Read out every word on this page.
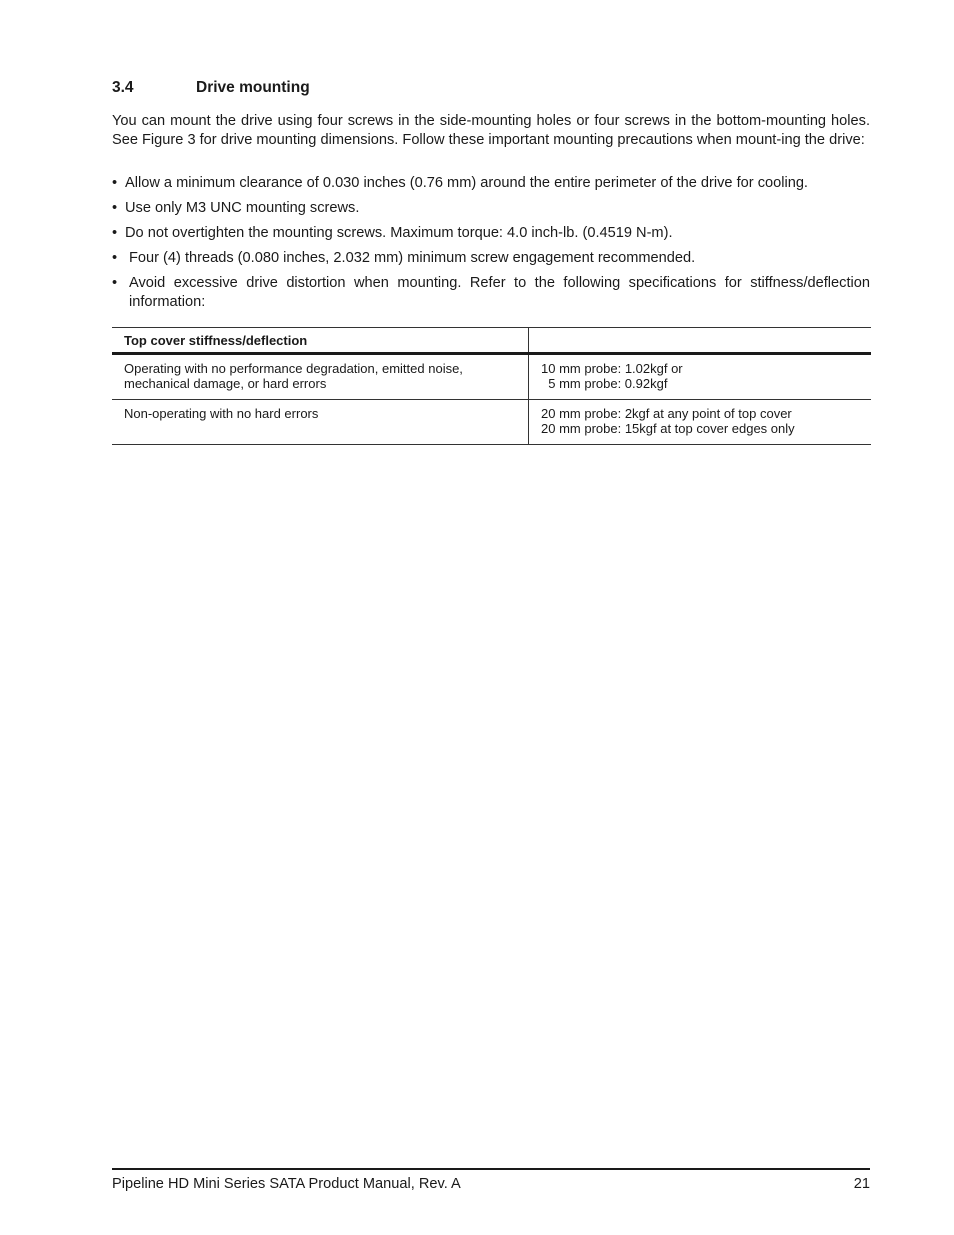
3.4	Drive mounting

You can mount the drive using four screws in the side-mounting holes or four screws in the bottom-mounting holes. See Figure 3 for drive mounting dimensions. Follow these important mounting precautions when mount-ing the drive:

• Allow a minimum clearance of 0.030 inches (0.76 mm) around the entire perimeter of the drive for cooling.
• Use only M3 UNC mounting screws.
• Do not overtighten the mounting screws. Maximum torque: 4.0 inch-lb. (0.4519 N-m).
• Four (4) threads (0.080 inches, 2.032 mm) minimum screw engagement recommended.
• Avoid excessive drive distortion when mounting. Refer to the following specifications for stiffness/deflection information:
Top cover stiffness/deflection	
Operating with no performance degradation, emitted noise, mechanical damage, or hard errors	10 mm probe: 1.02kgf or
5 mm probe: 0.92kgf

Non-operating with no hard errors	20 mm probe: 2kgf at any point of top cover
20 mm probe: 15kgf at top cover edges only
Pipeline HD Mini Series SATA Product Manual, Rev. A	21
